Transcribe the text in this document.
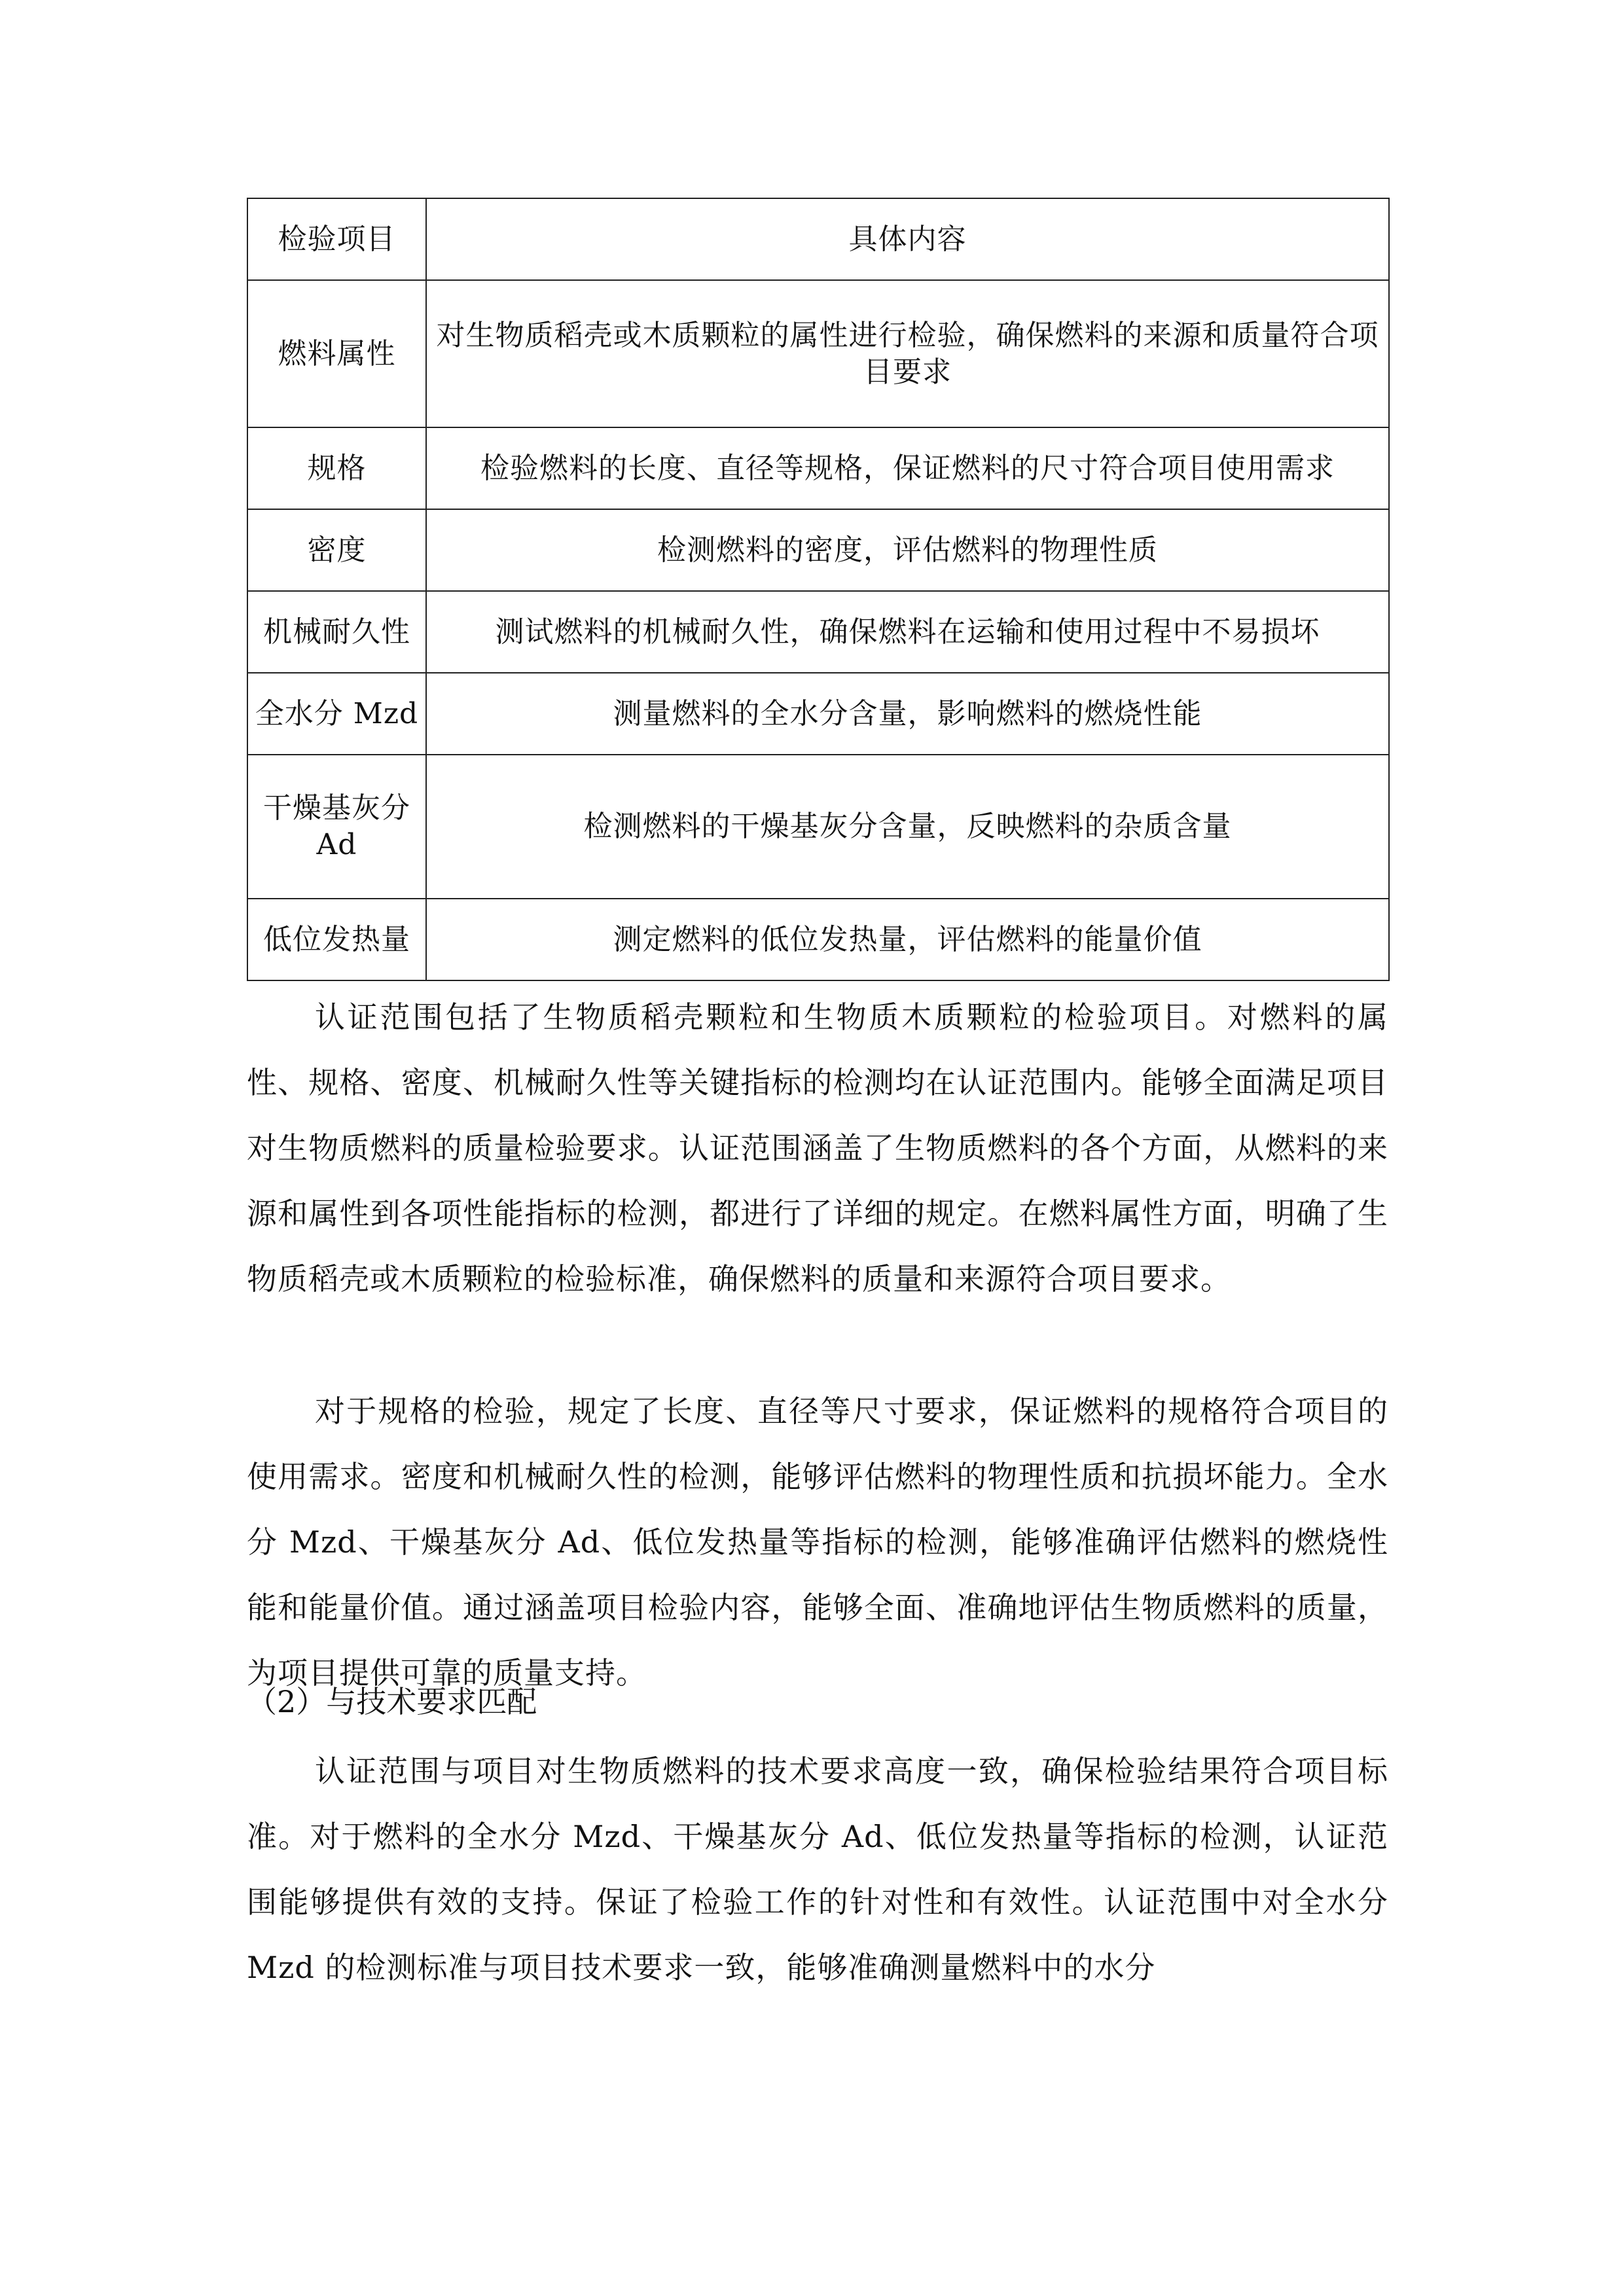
检验项目	具体内容
燃料属性	对生物质稻壳或木质颗粒的属性进行检验，确保燃料的来源和质量符合项目要求
规格	检验燃料的长度、直径等规格，保证燃料的尺寸符合项目使用需求
密度	检测燃料的密度，评估燃料的物理性质
机械耐久性	测试燃料的机械耐久性，确保燃料在运输和使用过程中不易损坏
全水分 Mzd	测量燃料的全水分含量，影响燃料的燃烧性能
干燥基灰分 Ad	检测燃料的干燥基灰分含量，反映燃料的杂质含量
低位发热量	测定燃料的低位发热量，评估燃料的能量价值

认证范围包括了生物质稻壳颗粒和生物质木质颗粒的检验项目。对燃料的属性、规格、密度、机械耐久性等关键指标的检测均在认证范围内。能够全面满足项目对生物质燃料的质量检验要求。认证范围涵盖了生物质燃料的各个方面，从燃料的来源和属性到各项性能指标的检测，都进行了详细的规定。在燃料属性方面，明确了生物质稻壳或木质颗粒的检验标准，确保燃料的质量和来源符合项目要求。

对于规格的检验，规定了长度、直径等尺寸要求，保证燃料的规格符合项目的使用需求。密度和机械耐久性的检测，能够评估燃料的物理性质和抗损坏能力。全水分 Mzd、干燥基灰分 Ad、低位发热量等指标的检测，能够准确评估燃料的燃烧性能和能量价值。通过涵盖项目检验内容，能够全面、准确地评估生物质燃料的质量，为项目提供可靠的质量支持。

（2）与技术要求匹配

认证范围与项目对生物质燃料的技术要求高度一致，确保检验结果符合项目标准。对于燃料的全水分 Mzd、干燥基灰分 Ad、低位发热量等指标的检测，认证范围能够提供有效的支持。保证了检验工作的针对性和有效性。认证范围中对全水分 Mzd 的检测标准与项目技术要求一致，能够准确测量燃料中的水分
